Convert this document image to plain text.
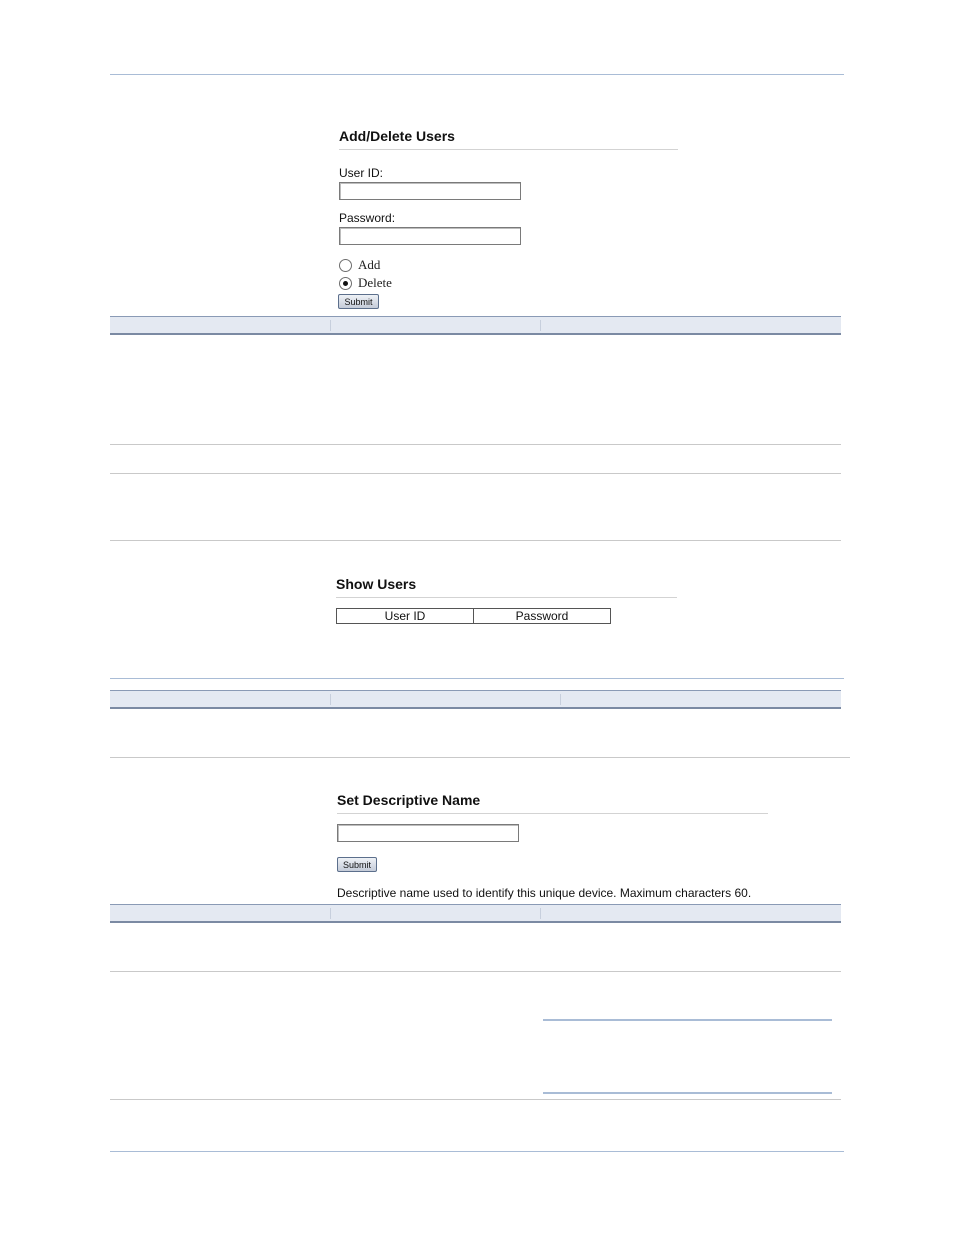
Add/Delete Users
User ID:
Password:
Add
Delete
Submit
Show Users
User ID	Password
Set Descriptive Name
Submit
Descriptive name used to identify this unique device. Maximum characters 60.
